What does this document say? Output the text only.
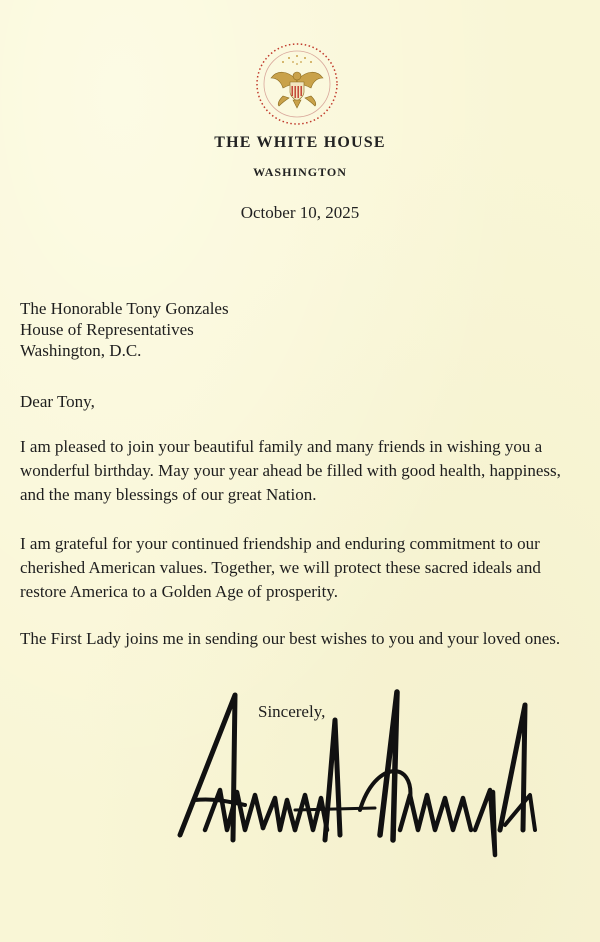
THE WHITE HOUSE
WASHINGTON
October 10, 2025
The Honorable Tony Gonzales
House of Representatives
Washington, D.C.
Dear Tony,
I am pleased to join your beautiful family and many friends in wishing you a wonderful birthday. May your year ahead be filled with good health, happiness, and the many blessings of our great Nation.
I am grateful for your continued friendship and enduring commitment to our cherished American values. Together, we will protect these sacred ideals and restore America to a Golden Age of prosperity.
The First Lady joins me in sending our best wishes to you and your loved ones.
Sincerely,
